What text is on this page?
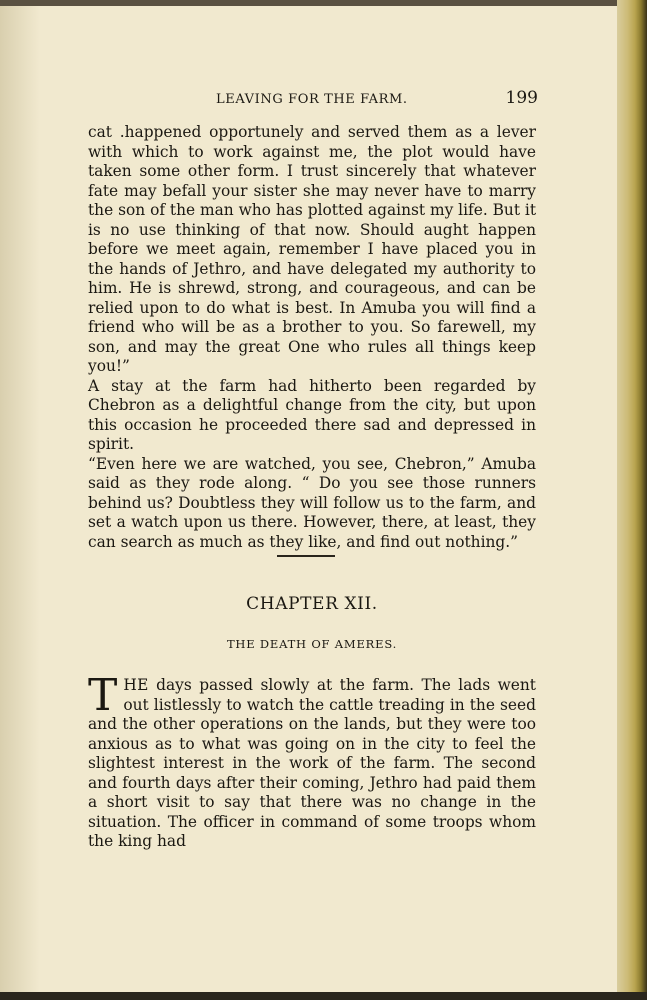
LEAVING FOR THE FARM.	199

cat .happened opportunely and served them as a lever with which to work against me, the plot would have taken some other form. I trust sincerely that whatever fate may befall your sister she may never have to marry the son of the man who has plotted against my life. But it is no use thinking of that now. Should aught happen before we meet again, remember I have placed you in the hands of Jethro, and have delegated my authority to him. He is shrewd, strong, and courageous, and can be relied upon to do what is best. In Amuba you will find a friend who will be as a brother to you. So farewell, my son, and may the great One who rules all things keep you!”

A stay at the farm had hitherto been regarded by Chebron as a delightful change from the city, but upon this occasion he proceeded there sad and depressed in spirit.

“Even here we are watched, you see, Chebron,” Amuba said as they rode along. “ Do you see those runners behind us? Doubtless they will follow us to the farm, and set a watch upon us there. However, there, at least, they can search as much as they like, and find out nothing.”

CHAPTER XII.
THE DEATH OF AMERES.

THE days passed slowly at the farm. The lads went out listlessly to watch the cattle treading in the seed and the other operations on the lands, but they were too anxious as to what was going on in the city to feel the slightest interest in the work of the farm. The second and fourth days after their coming, Jethro had paid them a short visit to say that there was no change in the situation. The officer in command of some troops whom the king had
